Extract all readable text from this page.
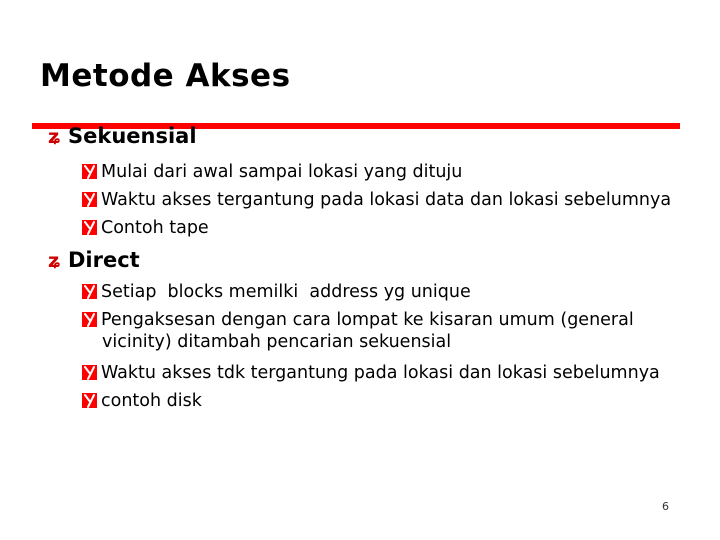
Metode Akses
ʑ Sekuensial
Mulai dari awal sampai lokasi yang dituju
Waktu akses tergantung pada lokasi data dan lokasi sebelumnya
Contoh tape
ʑ Direct
Setiap  blocks memilki  address yg unique
Pengaksesan dengan cara lompat ke kisaran umum (general vicinity) ditambah pencarian sekuensial
Waktu akses tdk tergantung pada lokasi dan lokasi sebelumnya
contoh disk
6
